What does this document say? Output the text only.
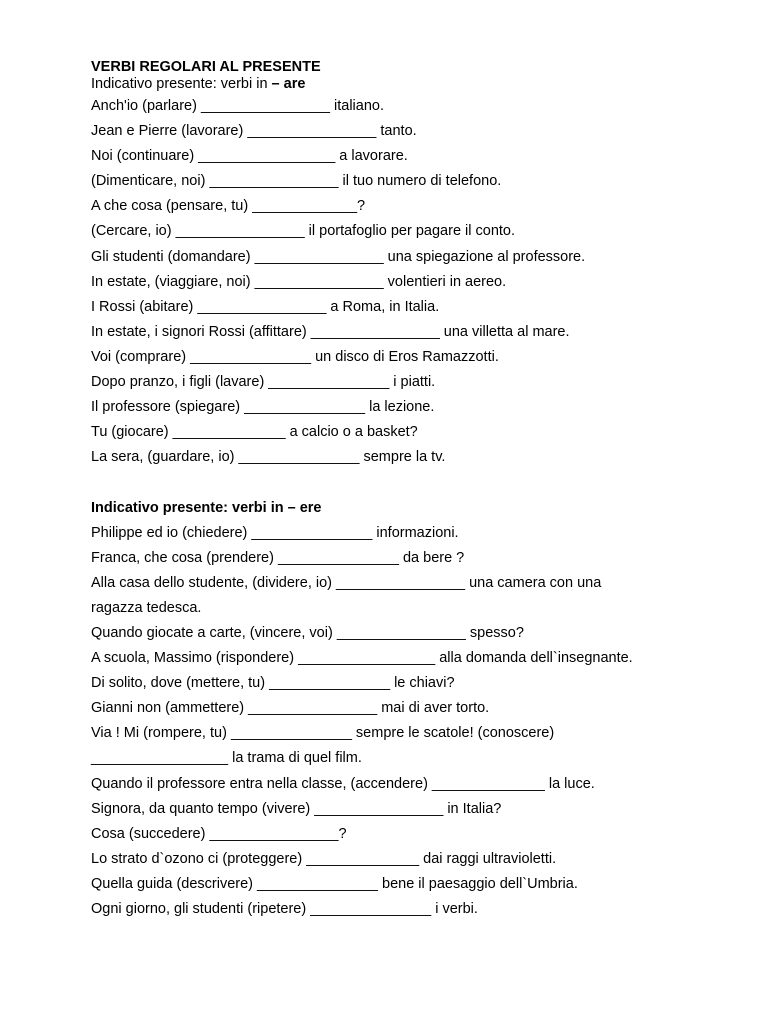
VERBI REGOLARI AL PRESENTE
Indicativo presente: verbi in – are
Anch'io (parlare) ________________ italiano.
Jean e Pierre (lavorare) ________________ tanto.
Noi (continuare) _________________ a lavorare.
(Dimenticare, noi) ________________ il tuo numero di telefono.
A che cosa (pensare, tu) _____________?
(Cercare, io) ________________ il portafoglio per pagare il conto.
Gli studenti (domandare) ________________ una spiegazione al professore.
In estate, (viaggiare, noi) ________________ volentieri in aereo.
I Rossi (abitare) ________________ a Roma, in Italia.
In estate, i signori Rossi (affittare) ________________ una villetta al mare.
Voi (comprare) _______________ un disco di Eros Ramazzotti.
Dopo pranzo, i figli (lavare) _______________ i piatti.
Il professore (spiegare) _______________ la lezione.
Tu (giocare) ______________ a calcio o a basket?
La sera, (guardare, io) _______________ sempre la tv.
Indicativo presente: verbi in – ere
Philippe ed io (chiedere) _______________ informazioni.
Franca, che cosa (prendere) _______________ da bere ?
Alla casa dello studente, (dividere, io) ________________ una camera con una
ragazza tedesca.
Quando giocate a carte, (vincere, voi) ________________ spesso?
A scuola, Massimo (rispondere) _________________ alla domanda dell`insegnante.
Di solito, dove (mettere, tu) _______________ le chiavi?
Gianni non (ammettere) ________________ mai di aver torto.
Via ! Mi (rompere, tu) _______________ sempre le scatole! (conoscere)
_________________ la trama di quel film.
Quando il professore entra nella classe, (accendere) ______________ la luce.
Signora, da quanto tempo (vivere) ________________ in Italia?
Cosa (succedere) ________________?
Lo strato d`ozono ci (proteggere) ______________ dai raggi ultravioletti.
Quella guida (descrivere) _______________ bene il paesaggio dell`Umbria.
Ogni giorno, gli studenti (ripetere) _______________ i verbi.
